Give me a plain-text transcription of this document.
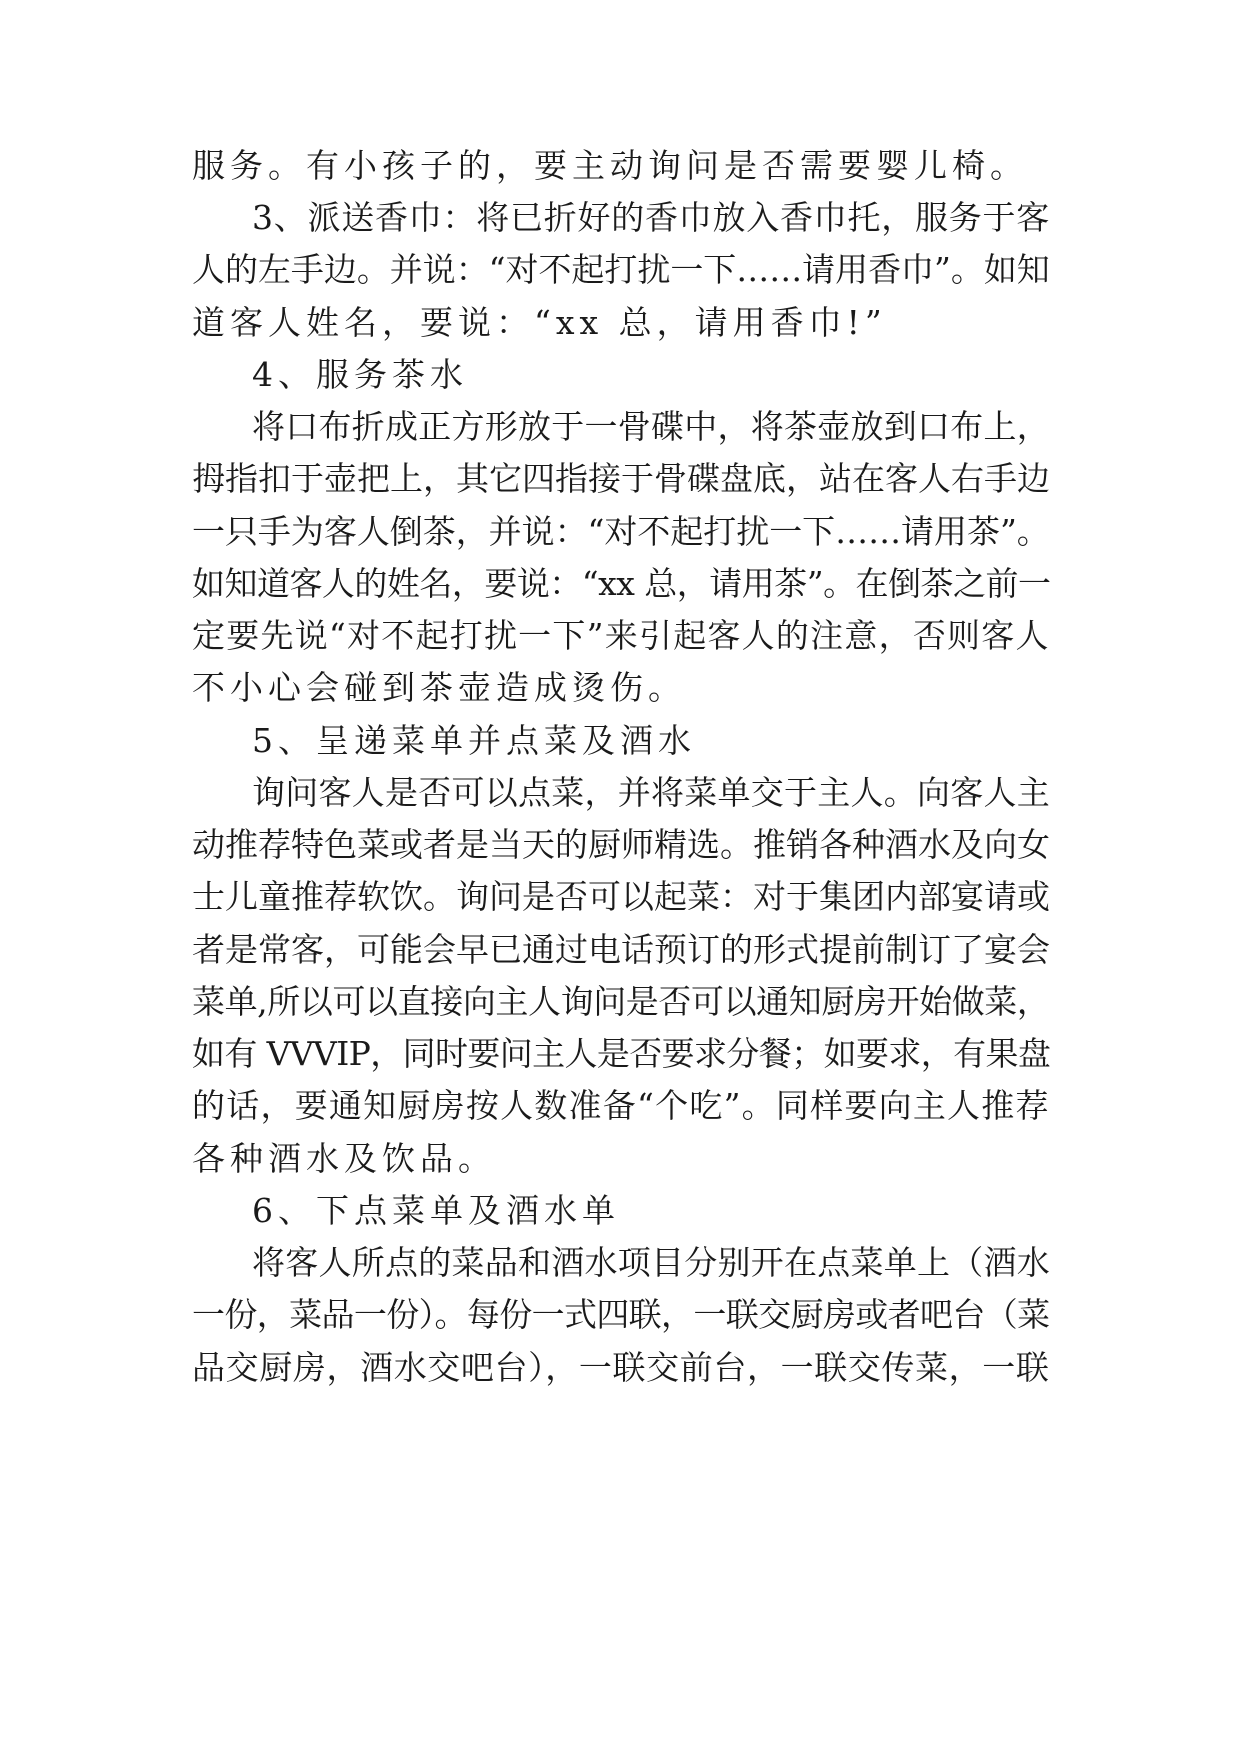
服务。有小孩子的，要主动询问是否需要婴儿椅。
3、派送香巾：将已折好的香巾放入香巾托，服务于客
人的左手边。并说：“对不起打扰一下……请用香巾”。如知
道客人姓名，要说：“xx 总，请用香巾!”
4、服务茶水
将口布折成正方形放于一骨碟中，将茶壶放到口布上，
拇指扣于壶把上，其它四指接于骨碟盘底，站在客人右手边
一只手为客人倒茶，并说：“对不起打扰一下……请用茶”。
如知道客人的姓名，要说：“xx 总，请用茶”。在倒茶之前一
定要先说“对不起打扰一下”来引起客人的注意，否则客人
不小心会碰到茶壶造成烫伤。
5、呈递菜单并点菜及酒水
询问客人是否可以点菜，并将菜单交于主人。向客人主
动推荐特色菜或者是当天的厨师精选。推销各种酒水及向女
士儿童推荐软饮。询问是否可以起菜：对于集团内部宴请或
者是常客，可能会早已通过电话预订的形式提前制订了宴会
菜单,所以可以直接向主人询问是否可以通知厨房开始做菜，
如有 VVVIP，同时要问主人是否要求分餐；如要求，有果盘
的话，要通知厨房按人数准备“个吃”。同样要向主人推荐
各种酒水及饮品。
6、下点菜单及酒水单
将客人所点的菜品和酒水项目分别开在点菜单上（酒水
一份，菜品一份）。每份一式四联，一联交厨房或者吧台（菜
品交厨房，酒水交吧台），一联交前台，一联交传菜，一联
